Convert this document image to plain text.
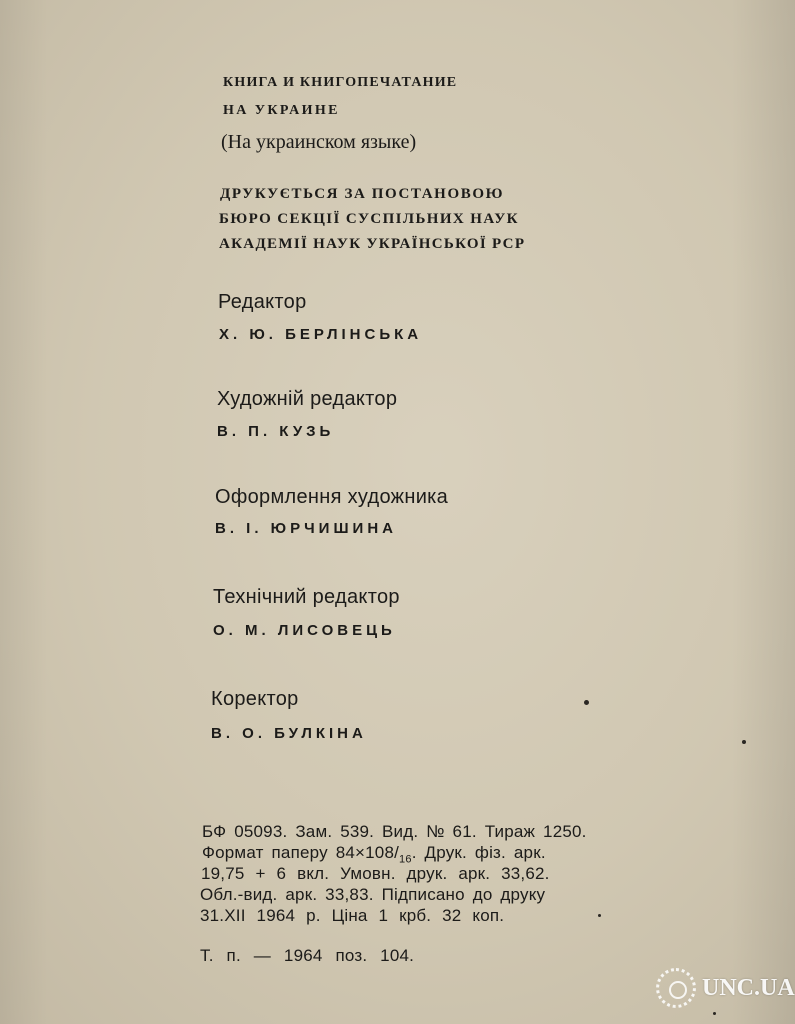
КНИГА И КНИГОПЕЧАТАНИЕ
НА УКРАИНЕ
(На украинском языке)
ДРУКУЄТЬСЯ ЗА ПОСТАНОВОЮ
БЮРО СЕКЦІЇ СУСПІЛЬНИХ НАУК
АКАДЕМІЇ НАУК УКРАЇНСЬКОЇ РСР
Редактор
Х. Ю. БЕРЛІНСЬКА
Художній редактор
В. П. КУЗЬ
Оформлення художника
В. І. ЮРЧИШИНА
Технічний редактор
О. М. ЛИСОВЕЦЬ
Коректор
В. О. БУЛКІНА
БФ 05093. Зам. 539. Вид. № 61. Тираж 1250.
Формат паперу $84\times 108/_{16}$. Друк. фіз. арк.
19,75 + 6 вкл. Умовн. друк. арк. 33,62.
Обл.-вид. арк. 33,83. Підписано до друку
31.XII 1964 р. Ціна 1 крб. 32 коп.
Т. п. — 1964 поз. 104.
UNC.UA
